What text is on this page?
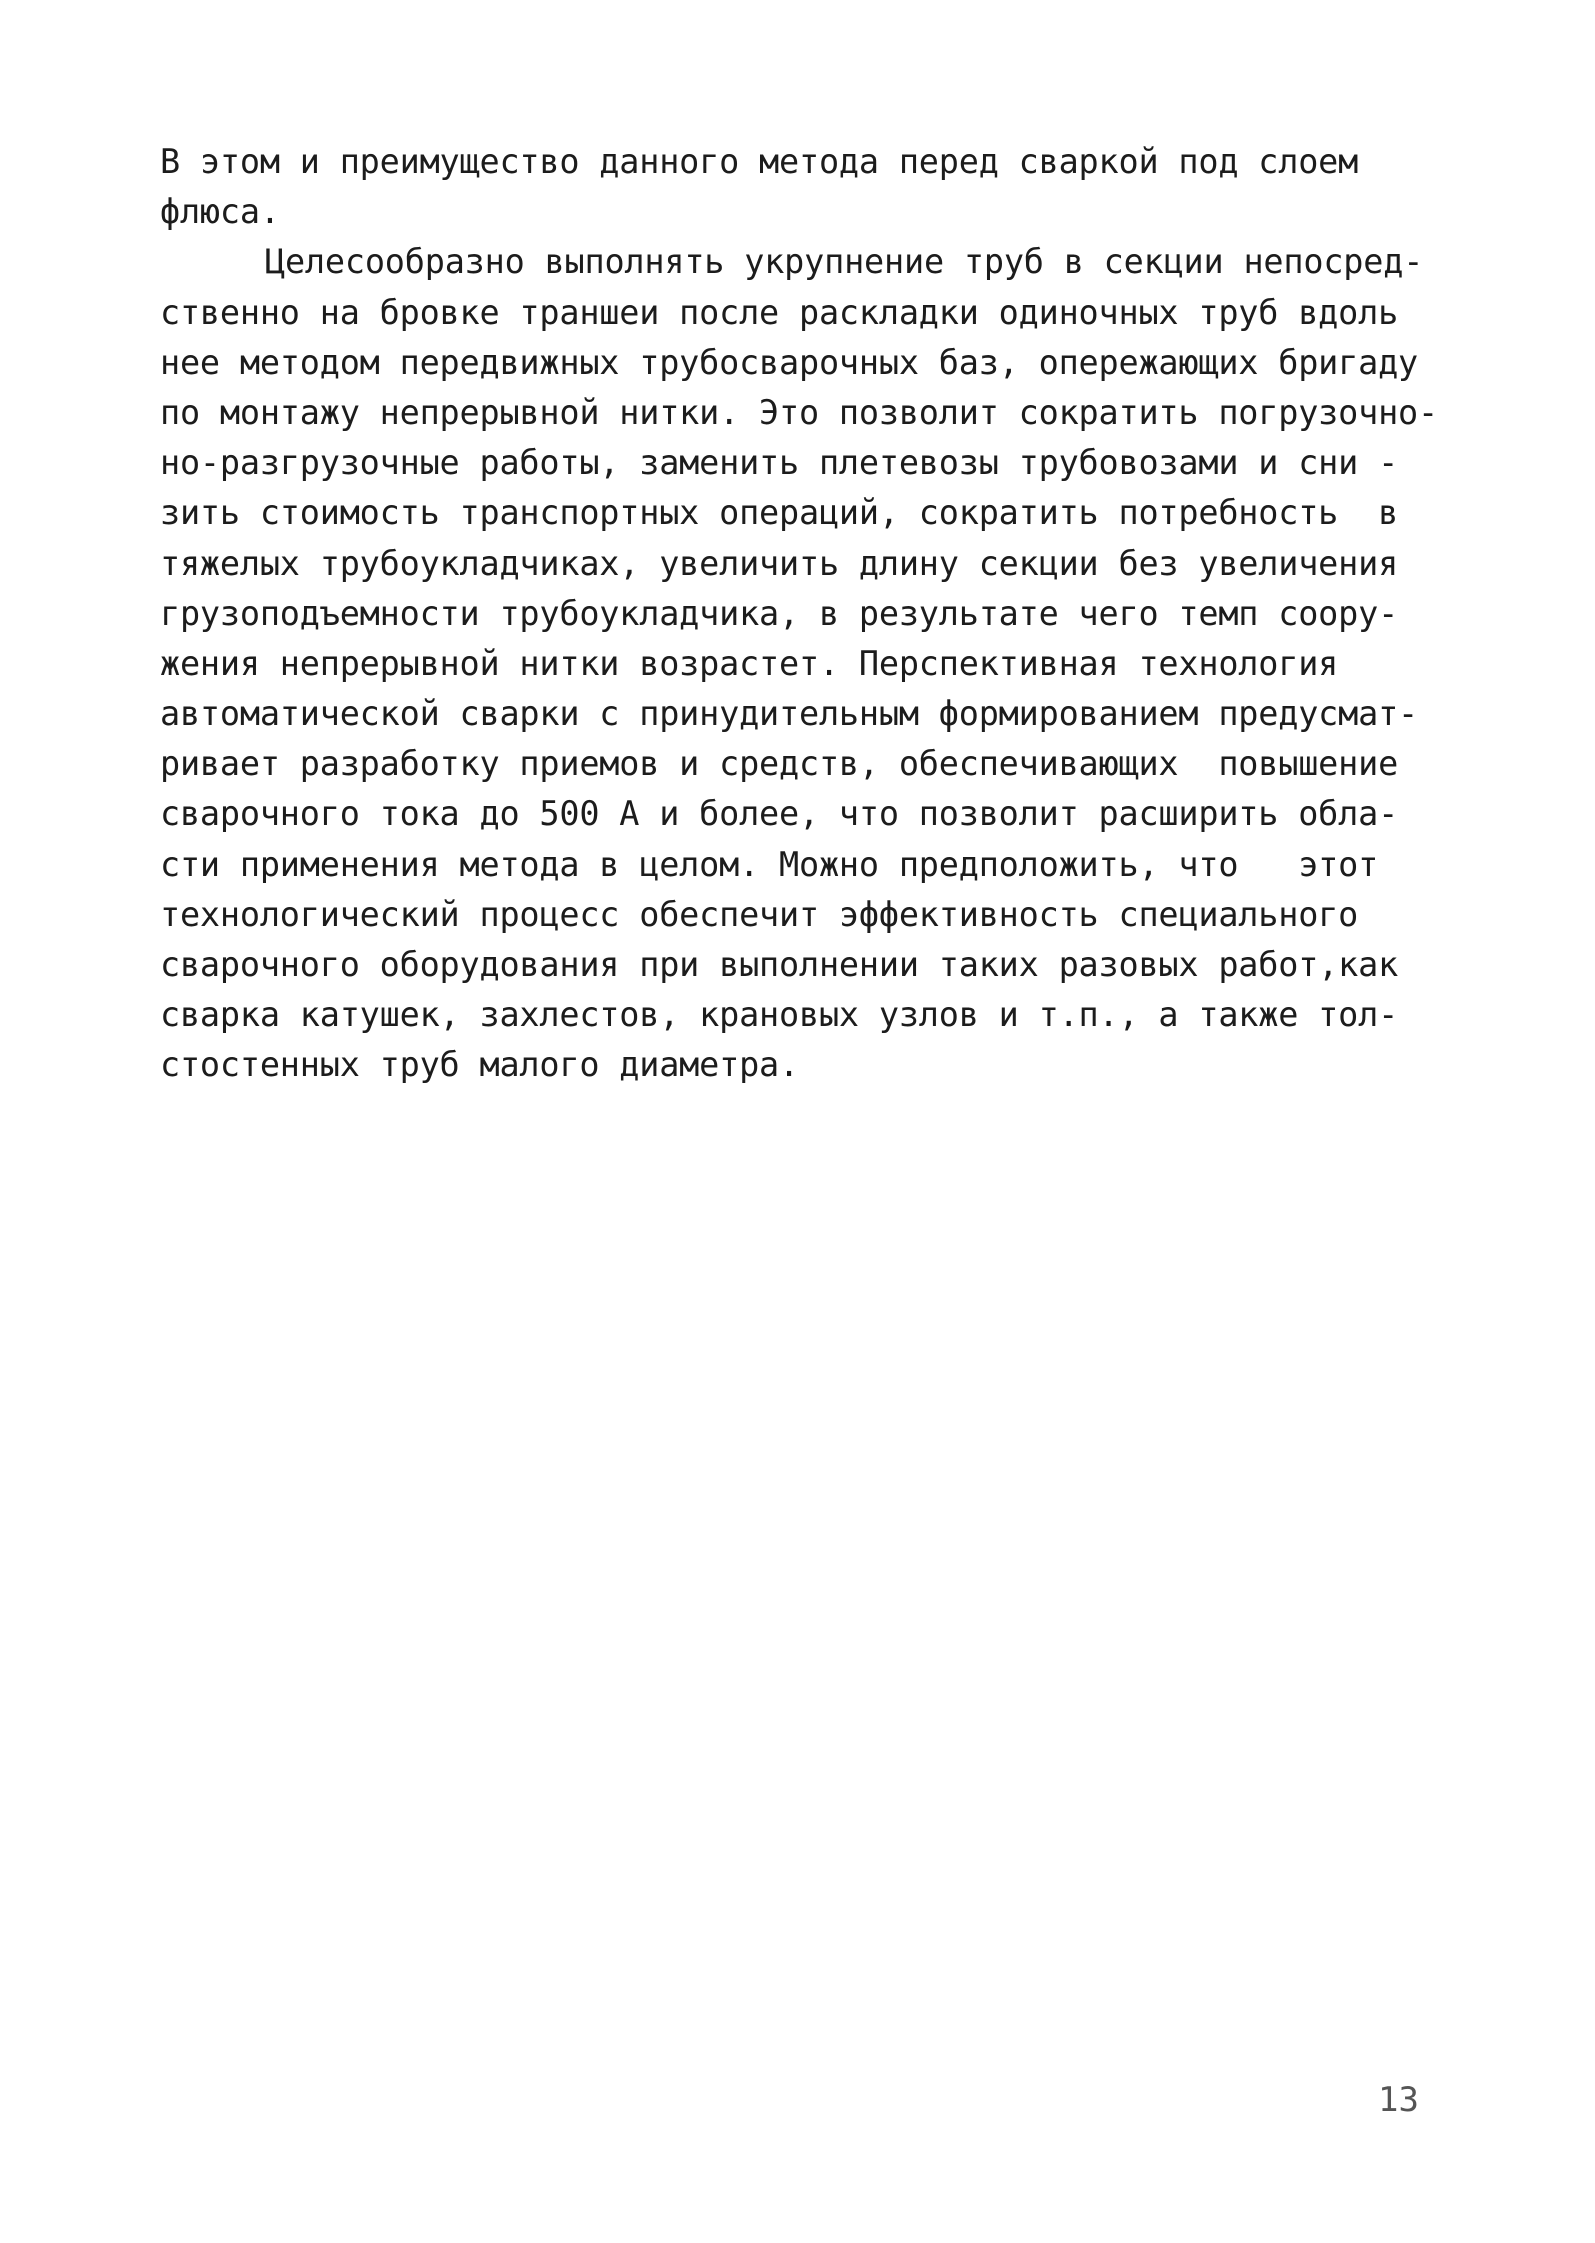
В этом и преимущество данного метода перед сваркой под слоем
флюса.
Целесообразно выполнять укрупнение труб в секции непосред-
ственно на бровке траншеи после раскладки одиночных труб вдоль
нее методом передвижных трубосварочных баз, опережающих бригаду
по монтажу непрерывной нитки. Это позволит сократить погрузочно-
но-разгрузочные работы, заменить плетевозы трубовозами и сни -
зить стоимость транспортных операций, сократить потребность  в
тяжелых трубоукладчиках, увеличить длину секции без увеличения
грузоподъемности трубоукладчика, в результате чего темп соору-
жения непрерывной нитки возрастет. Перспективная технология
автоматической сварки с принудительным формированием предусмат-
ривает разработку приемов и средств, обеспечивающих  повышение
сварочного тока до 500 А и более, что позволит расширить обла-
сти применения метода в целом. Можно предположить, что   этот
технологический процесс обеспечит эффективность специального
сварочного оборудования при выполнении таких разовых работ,как
сварка катушек, захлестов, крановых узлов и т.п., а также тол-
стостенных труб малого диаметра.
13
